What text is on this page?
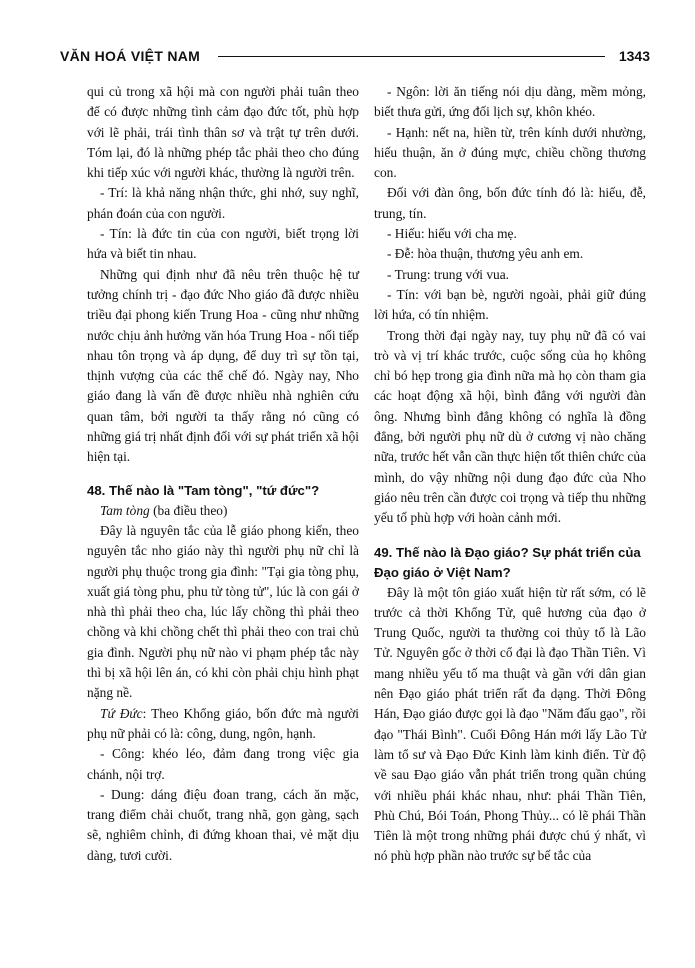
VĂN HOÁ VIỆT NAM	1343

qui củ trong xã hội mà con người phải tuân theo để có được những tình cảm đạo đức tốt, phù hợp với lẽ phải, trái tình thân sơ và trật tự trên dưới. Tóm lại, đó là những phép tắc phải theo cho đúng khi tiếp xúc với người khác, thường là người trên.

- Trí: là khả năng nhận thức, ghi nhớ, suy nghĩ, phán đoán của con người.

- Tín: là đức tin của con người, biết trọng lời hứa và biết tin nhau.

Những qui định như đã nêu trên thuộc hệ tư tưởng chính trị - đạo đức Nho giáo đã được nhiều triều đại phong kiến Trung Hoa - cũng như những nước chịu ảnh hưởng văn hóa Trung Hoa - nối tiếp nhau tôn trọng và áp dụng, để duy trì sự tồn tại, thịnh vượng của các thể chế đó. Ngày nay, Nho giáo đang là vấn đề được nhiều nhà nghiên cứu quan tâm, bởi người ta thấy rằng nó cũng có những giá trị nhất định đối với sự phát triển xã hội hiện tại.

48. Thế nào là "Tam tòng", "tứ đức"?

Tam tòng (ba điều theo)

Đây là nguyên tắc của lễ giáo phong kiến, theo nguyên tắc nho giáo này thì người phụ nữ chỉ là người phụ thuộc trong gia đình: "Tại gia tòng phụ, xuất giá tòng phu, phu tử tòng tử", lúc là con gái ở nhà thì phải theo cha, lúc lấy chồng thì phải theo chồng và khi chồng chết thì phải theo con trai chủ gia đình. Người phụ nữ nào vi phạm phép tắc này thì bị xã hội lên án, có khi còn phải chịu hình phạt nặng nề.

Tứ Đức: Theo Khổng giáo, bốn đức mà người phụ nữ phải có là: công, dung, ngôn, hạnh.

- Công: khéo léo, đảm đang trong việc gia chánh, nội trợ.

- Dung: dáng điệu đoan trang, cách ăn mặc, trang điểm chải chuốt, trang nhã, gọn gàng, sạch sẽ, nghiêm chỉnh, đi đứng khoan thai, vẻ mặt dịu dàng, tươi cười.

- Ngôn: lời ăn tiếng nói dịu dàng, mềm mỏng, biết thưa gửi, ứng đối lịch sự, khôn khéo.

- Hạnh: nết na, hiền từ, trên kính dưới nhường, hiếu thuận, ăn ở đúng mực, chiều chồng thương con.

Đối với đàn ông, bốn đức tính đó là: hiếu, đễ, trung, tín.

- Hiếu: hiếu với cha mẹ.

- Đễ: hòa thuận, thương yêu anh em.

- Trung: trung với vua.

- Tín: với bạn bè, người ngoài, phải giữ đúng lời hứa, có tín nhiệm.

Trong thời đại ngày nay, tuy phụ nữ đã có vai trò và vị trí khác trước, cuộc sống của họ không chỉ bó hẹp trong gia đình nữa mà họ còn tham gia các hoạt động xã hội, bình đẳng với người đàn ông. Nhưng bình đẳng không có nghĩa là đồng đẳng, bởi người phụ nữ dù ở cương vị nào chăng nữa, trước hết vẫn cần thực hiện tốt thiên chức của mình, do vậy những nội dung đạo đức của Nho giáo nêu trên cần được coi trọng và tiếp thu những yếu tố phù hợp với hoàn cảnh mới.

49. Thế nào là Đạo giáo? Sự phát triển của Đạo giáo ở Việt Nam?

Đây là một tôn giáo xuất hiện từ rất sớm, có lẽ trước cả thời Khổng Tử, quê hương của đạo ở Trung Quốc, người ta thường coi thủy tổ là Lão Tử. Nguyên gốc ở thời cổ đại là đạo Thần Tiên. Vì mang nhiều yếu tố ma thuật và gần với dân gian nên Đạo giáo phát triển rất đa dạng. Thời Đông Hán, Đạo giáo được gọi là đạo "Năm đấu gạo", rồi đạo "Thái Bình". Cuối Đông Hán mới lấy Lão Tử làm tổ sư và Đạo Đức Kinh làm kinh điển. Từ độ về sau Đạo giáo vẫn phát triển trong quần chúng với nhiều phái khác nhau, như: phái Thần Tiên, Phù Chú, Bói Toán, Phong Thủy... có lẽ phái Thần Tiên là một trong những phái được chú ý nhất, vì nó phù hợp phần nào trước sự bế tắc của
